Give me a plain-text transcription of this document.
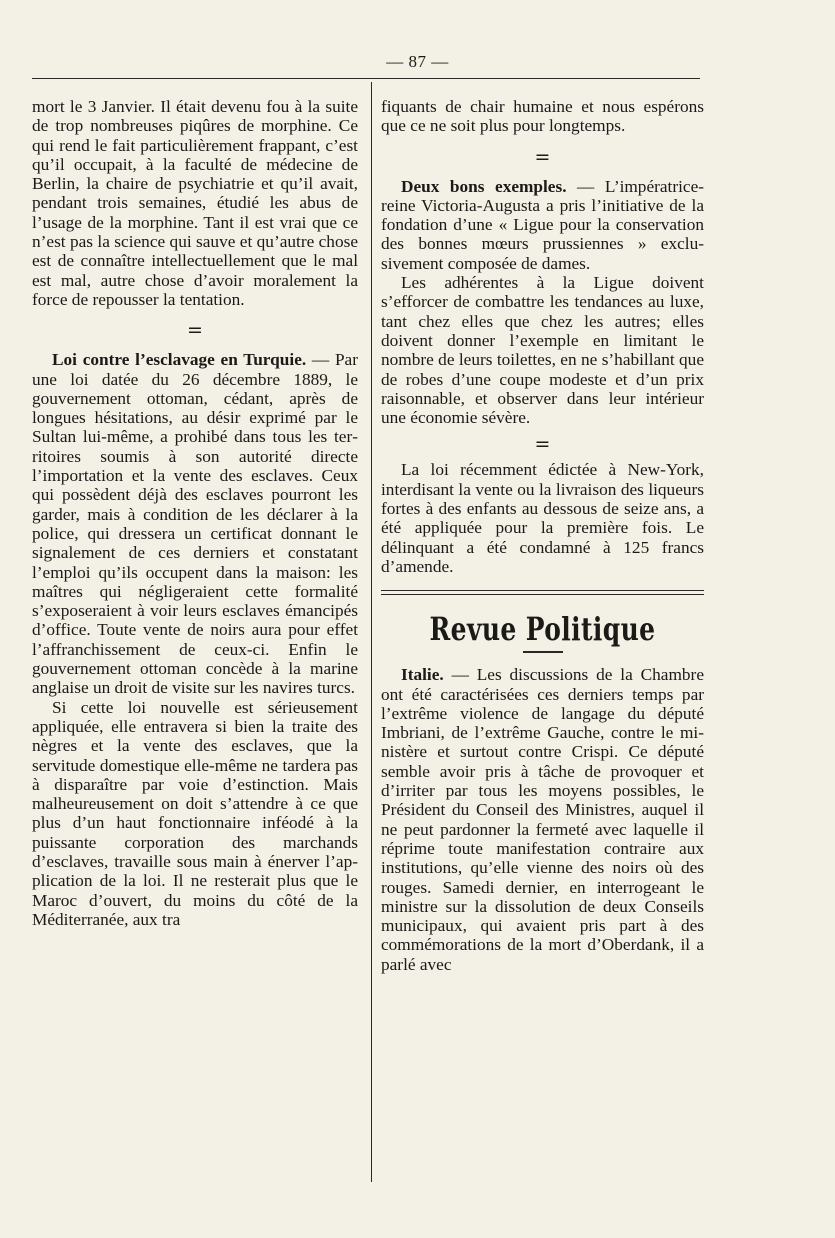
— 87 —

mort le 3 Janvier. Il était devenu fou à la suite de trop nombreuses piqûres de morphine. Ce qui rend le fait particulièrement frappant, c’est qu’il occupait, à la faculté de médecine de Berlin, la chaire de psychiatrie et qu’il avait, pendant trois semaines, étudié les abus de l’usage de la morphine. Tant il est vrai que ce n’est pas la science qui sauve et qu’autre chose est de connaître intellectuellement que le mal est mal, autre chose d’avoir moralement la force de repousser la tentation.

=

Loi contre l’esclavage en Turquie. — Par une loi datée du 26 décembre 1889, le gouvernement ottoman, cédant, après de longues hésitations, au désir exprimé par le Sultan lui-même, a prohibé dans tous les territoires soumis à son autorité directe l’importation et la vente des esclaves. Ceux qui possèdent déjà des esclaves pourront les garder, mais à condition de les déclarer à la police, qui dressera un certificat donnant le signalement de ces derniers et constatant l’emploi qu’ils occupent dans la maison: les maîtres qui négligeraient cette formalité s’exposeraient à voir leurs esclaves émancipés d’office. Toute vente de noirs aura pour effet l’affranchissement de ceux-ci. Enfin le gouvernement ottoman concède à la marine anglaise un droit de visite sur les navires turcs.

Si cette loi nouvelle est sérieusement appliquée, elle entravera si bien la traite des nègres et la vente des esclaves, que la servitude domestique elle-même ne tardera pas à disparaître par voie d’estinction. Mais malheureusement on doit s’attendre à ce que plus d’un haut fonctionnaire inféodé à la puissante corporation des marchands d’esclaves, travaille sous main à énerver l’application de la loi. Il ne resterait plus que le Maroc d’ouvert, du moins du côté de la Méditerranée, aux tra

fiquants de chair humaine et nous espérons que ce ne soit plus pour longtemps.

=

Deux bons exemples. — L’impératrice-reine Victoria-Augusta a pris l’initiative de la fondation d’une « Ligue pour la conservation des bonnes mœurs prussiennes » exclusivement composée de dames.

Les adhérentes à la Ligue doivent s’efforcer de combattre les tendances au luxe, tant chez elles que chez les autres; elles doivent donner l’exemple en limitant le nombre de leurs toilettes, en ne s’habillant que de robes d’une coupe modeste et d’un prix raisonnable, et observer dans leur intérieur une économie sévère.

=

La loi récemment édictée à New-York, interdisant la vente ou la livraison des liqueurs fortes à des enfants au dessous de seize ans, a été appliquée pour la première fois. Le délinquant a été condamné à 125 francs d’amende.

Revue Politique

Italie. — Les discussions de la Chambre ont été caractérisées ces derniers temps par l’extrême violence de langage du député Imbriani, de l’extrême Gauche, contre le ministère et surtout contre Crispi. Ce député semble avoir pris à tâche de provoquer et d’irriter par tous les moyens possibles, le Président du Conseil des Ministres, auquel il ne peut pardonner la fermeté avec laquelle il réprime toute manifestation contraire aux institutions, qu’elle vienne des noirs où des rouges. Samedi dernier, en interrogeant le ministre sur la dissolution de deux Conseils municipaux, qui avaient pris part à des commémorations de la mort d’Oberdank, il a parlé avec
